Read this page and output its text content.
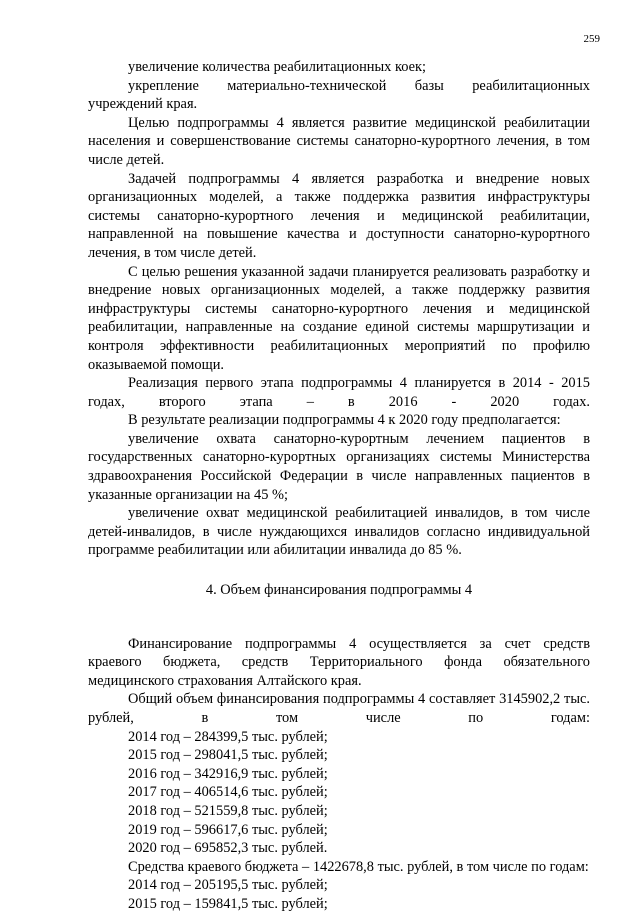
259

увеличение количества реабилитационных коек;

укрепление материально-технической базы реабилитационных учреждений края.

Целью подпрограммы 4 является развитие медицинской реабилитации населения и совершенствование системы санаторно-курортного лечения, в том числе детей.

Задачей подпрограммы 4 является разработка и внедрение новых организационных моделей, а также поддержка развития инфраструктуры системы санаторно-курортного лечения и медицинской реабилитации, направленной на повышение качества и доступности санаторно-курортного лечения, в том числе детей.

С целью решения указанной задачи планируется реализовать разработку и внедрение новых организационных моделей, а также поддержку развития инфраструктуры системы санаторно-курортного лечения и медицинской реабилитации, направленные на создание единой системы маршрутизации и контроля эффективности реабилитационных мероприятий по профилю оказываемой помощи.

Реализация первого этапа подпрограммы 4 планируется в 2014 - 2015 годах, второго этапа – в 2016 - 2020 годах.

В результате реализации подпрограммы 4 к 2020 году предполагается:

увеличение охвата санаторно-курортным лечением пациентов в государственных санаторно-курортных организациях системы Министерства здравоохранения Российской Федерации в числе направленных пациентов в указанные организации на 45 %;

увеличение охват медицинской реабилитацией инвалидов, в том числе детей-инвалидов, в числе нуждающихся инвалидов согласно индивидуальной программе реабилитации или абилитации инвалида до 85 %.

4. Объем финансирования подпрограммы 4

Финансирование подпрограммы 4 осуществляется за счет средств краевого бюджета, средств Территориального фонда обязательного медицинского страхования Алтайского края.

Общий объем финансирования подпрограммы 4 составляет 3145902,2 тыс. рублей, в том числе по годам:

2014 год – 284399,5 тыс. рублей;

2015 год – 298041,5 тыс. рублей;

2016 год – 342916,9 тыс. рублей;

2017 год – 406514,6 тыс. рублей;

2018 год – 521559,8 тыс. рублей;

2019 год – 596617,6 тыс. рублей;

2020 год – 695852,3 тыс. рублей.

Средства краевого бюджета – 1422678,8 тыс. рублей, в том числе по годам:

2014 год – 205195,5 тыс. рублей;

2015 год – 159841,5 тыс. рублей;
